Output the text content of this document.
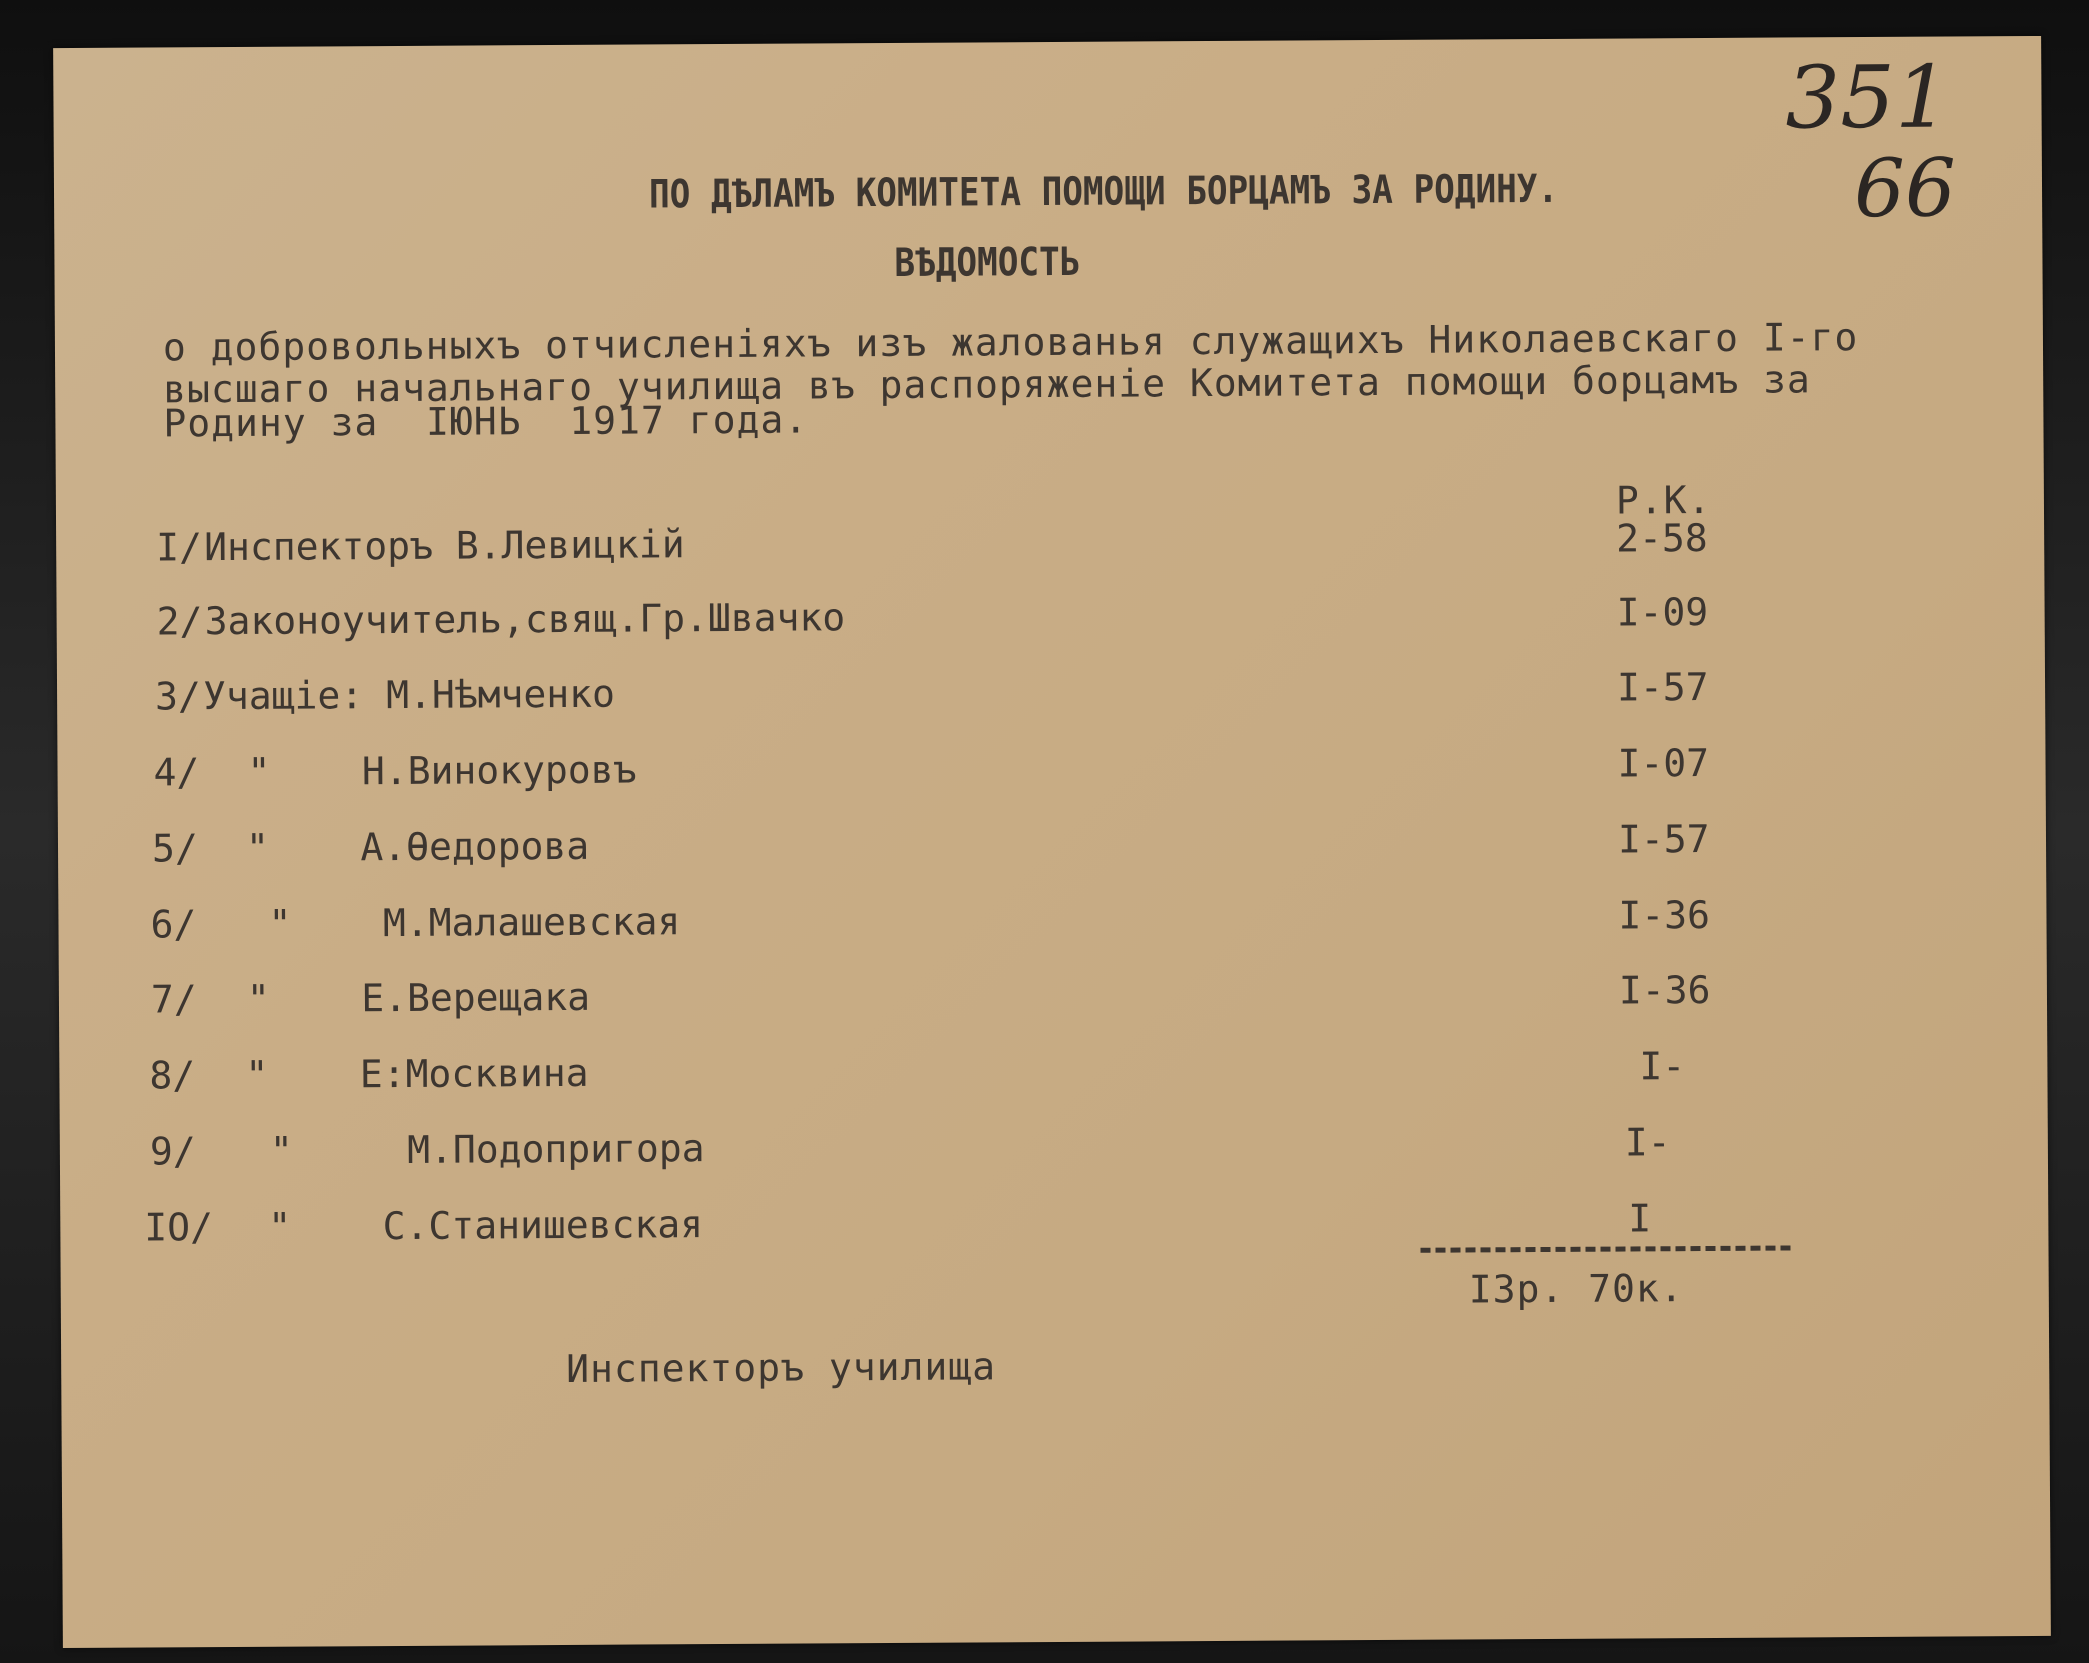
351
66
ПО ДѢЛАМЪ КОМИТЕТА ПОМОЩИ БОРЦАМЪ ЗА РОДИНУ.
ВѢДОМОСТЬ
о добровольныхъ отчисленiяхъ изъ жалованья служащихъ Николаевскаго I-го
высшаго начальнаго училища въ распоряженiе Комитета помощи борцамъ за
Родину за  IЮНЬ  1917 года.
Р.К.
I/ Инспекторъ В.Левицкiй	2-58
2/ Законоучитель,свящ.Гр.Швачко	I-09
3/ Учащiе: М.Нѣмченко	I-57
4/ "    Н.Винокуровъ	I-07
5/ "    А.Ѳедорова	I-57
6/ "    М.Малашевская	I-36
7/ "    Е.Верещака	I-36
8/ "    Е:Москвина	I-
9/ "     М.Подопригора	I-
IO/ "    С.Станишевская	I
I3р. 70к.
Инспекторъ училища
